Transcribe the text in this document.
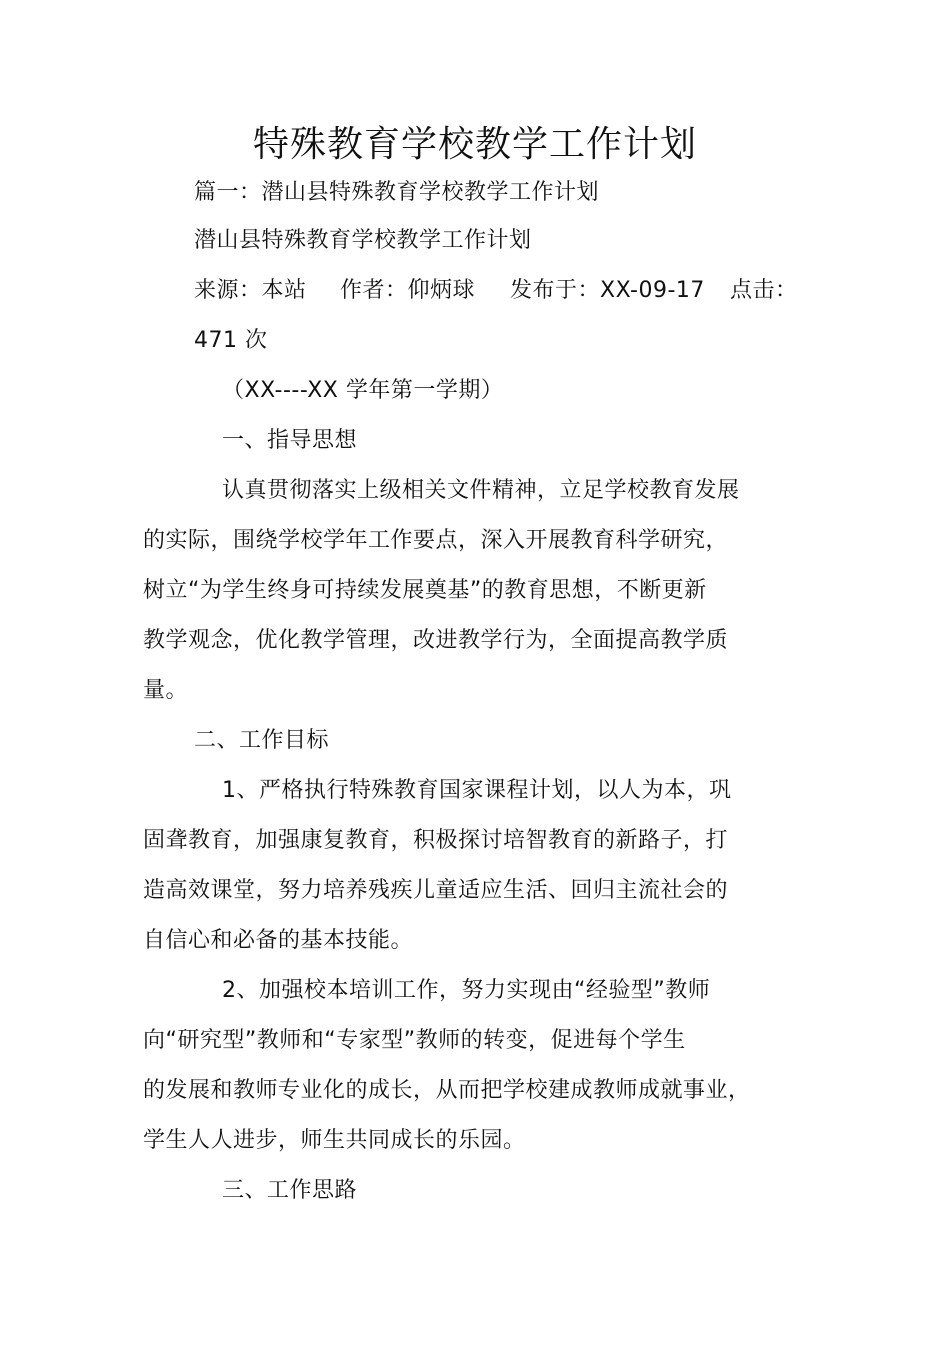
特殊教育学校教学工作计划
篇一：潜山县特殊教育学校教学工作计划
潜山县特殊教育学校教学工作计划
来源：本站 作者：仰炳球 发布于：XX-09-17 点击：
471 次
（XX----XX 学年第一学期）
一、指导思想
认真贯彻落实上级相关文件精神，立足学校教育发展
的实际，围绕学校学年工作要点，深入开展教育科学研究，
树立“为学生终身可持续发展奠基”的教育思想，不断更新
教学观念，优化教学管理，改进教学行为，全面提高教学质
量。
二、工作目标
1、严格执行特殊教育国家课程计划，以人为本，巩
固聋教育，加强康复教育，积极探讨培智教育的新路子，打
造高效课堂，努力培养残疾儿童适应生活、回归主流社会的
自信心和必备的基本技能。
2、加强校本培训工作，努力实现由“经验型”教师
向“研究型”教师和“专家型”教师的转变，促进每个学生
的发展和教师专业化的成长，从而把学校建成教师成就事业，
学生人人进步，师生共同成长的乐园。
三、工作思路
